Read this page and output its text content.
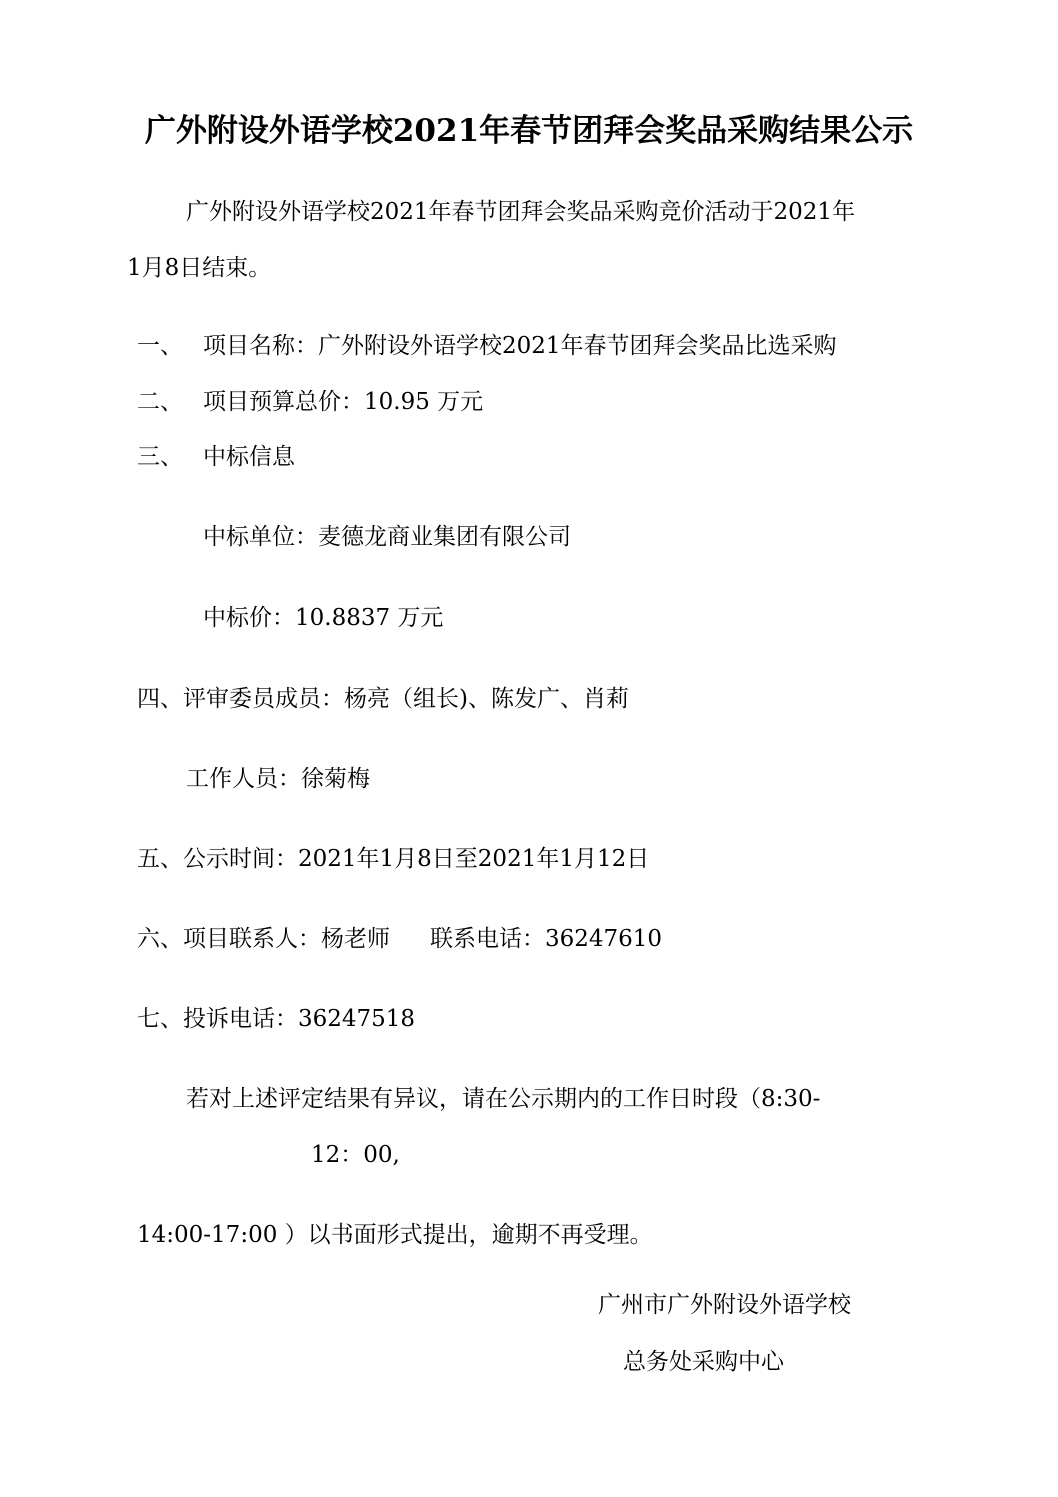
广外附设外语学校2021年春节团拜会奖品采购结果公示
广外附设外语学校2021年春节团拜会奖品采购竞价活动于2021年
1月8日结束。
一、 项目名称：广外附设外语学校2021年春节团拜会奖品比选采购
二、 项目预算总价：10.95 万元
三、 中标信息
中标单位：麦德龙商业集团有限公司
中标价：10.8837 万元
四、评审委员成员：杨亮（组长)、陈发广、肖莉
工作人员：徐菊梅
五、公示时间：2021年1月8日至2021年1月12日
六、项目联系人：杨老师 联系电话：36247610
七、投诉电话：36247518
若对上述评定结果有异议，请在公示期内的工作日时段（8:30-
12：00,
14:00-17:00 ）以书面形式提出，逾期不再受理。
广州市广外附设外语学校
总务处采购中心
